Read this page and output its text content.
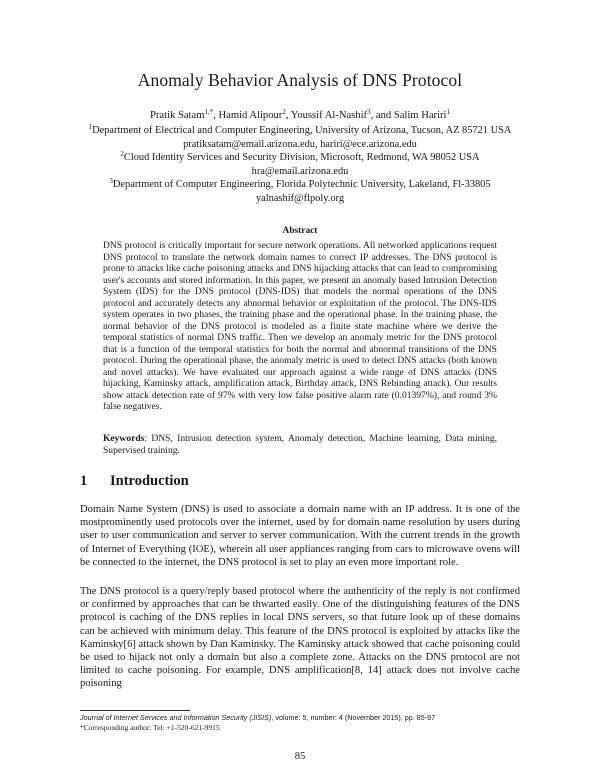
Anomaly Behavior Analysis of DNS Protocol
Pratik Satam$^{1,*}$, Hamid Alipour$^2$, Youssif Al-Nashif$^3$, and Salim Hariri$^1$
$^1$Department of Electrical and Computer Engineering, University of Arizona, Tucson, AZ 85721 USA
pratiksatam@email.arizona.edu, hariri@ece.arizona.edu
$^2$Cloud Identity Services and Security Division, Microsoft, Redmond, WA 98052 USA
hra@email.arizona.edu
$^3$Department of Computer Engineering, Florida Polytechnic University, Lakeland, Fl-33805
yalnashif@flpoly.org
Abstract
DNS protocol is critically important for secure network operations. All networked applications request DNS protocol to translate the network domain names to correct IP addresses. The DNS protocol is prone to attacks like cache poisoning attacks and DNS hijacking attacks that can lead to compromising user's accounts and stored information. In this paper, we present an anomaly based Intrusion Detection System (IDS) for the DNS protocol (DNS-IDS) that models the normal operations of the DNS protocol and accurately detects any abnormal behavior or exploitation of the protocol. The DNS-IDS system operates in two phases, the training phase and the operational phase. In the training phase, the normal behavior of the DNS protocol is modeled as a finite state machine where we derive the temporal statistics of normal DNS traffic. Then we develop an anomaly metric for the DNS protocol that is a function of the temporal statistics for both the normal and abnormal transitions of the DNS protocol. During the operational phase, the anomaly metric is used to detect DNS attacks (both known and novel attacks). We have evaluated our approach against a wide range of DNS attacks (DNS hijacking, Kaminsky attack, amplification attack, Birthday attack, DNS Rebinding attack). Our results show attack detection rate of 97% with very low false positive alarm rate (0.01397%), and round 3% false negatives.
Keywords: DNS, Intrusion detection system, Anomaly detection, Machine learning, Data mining, Supervised training.
1 Introduction
Domain Name System (DNS) is used to associate a domain name with an IP address. It is one of the mostprominently used protocols over the internet, used by for domain name resolution by users during user to user communication and server to server communication. With the current trends in the growth of Internet of Everything (IOE), wherein all user appliances ranging from cars to microwave ovens will be connected to the internet, the DNS protocol is set to play an even more important role.
The DNS protocol is a query/reply based protocol where the authenticity of the reply is not confirmed or confirmed by approaches that can be thwarted easily. One of the distinguishing features of the DNS protocol is caching of the DNS replies in local DNS servers, so that future look up of these domains can be achieved with minimum delay. This feature of the DNS protocol is exploited by attacks like the Kaminsky[6] attack shown by Dan Kaminsky. The Kaminsky attack showed that cache poisoning could be used to hijack not only a domain but also a complete zone. Attacks on the DNS protocol are not limited to cache poisoning. For example, DNS amplification[8, 14] attack does not involve cache poisoning
Journal of Internet Services and Information Security (JISIS), volume: 5, number: 4 (November 2015), pp. 85-97
*Corresponding author: Tel: +1-520-621-9915
85
